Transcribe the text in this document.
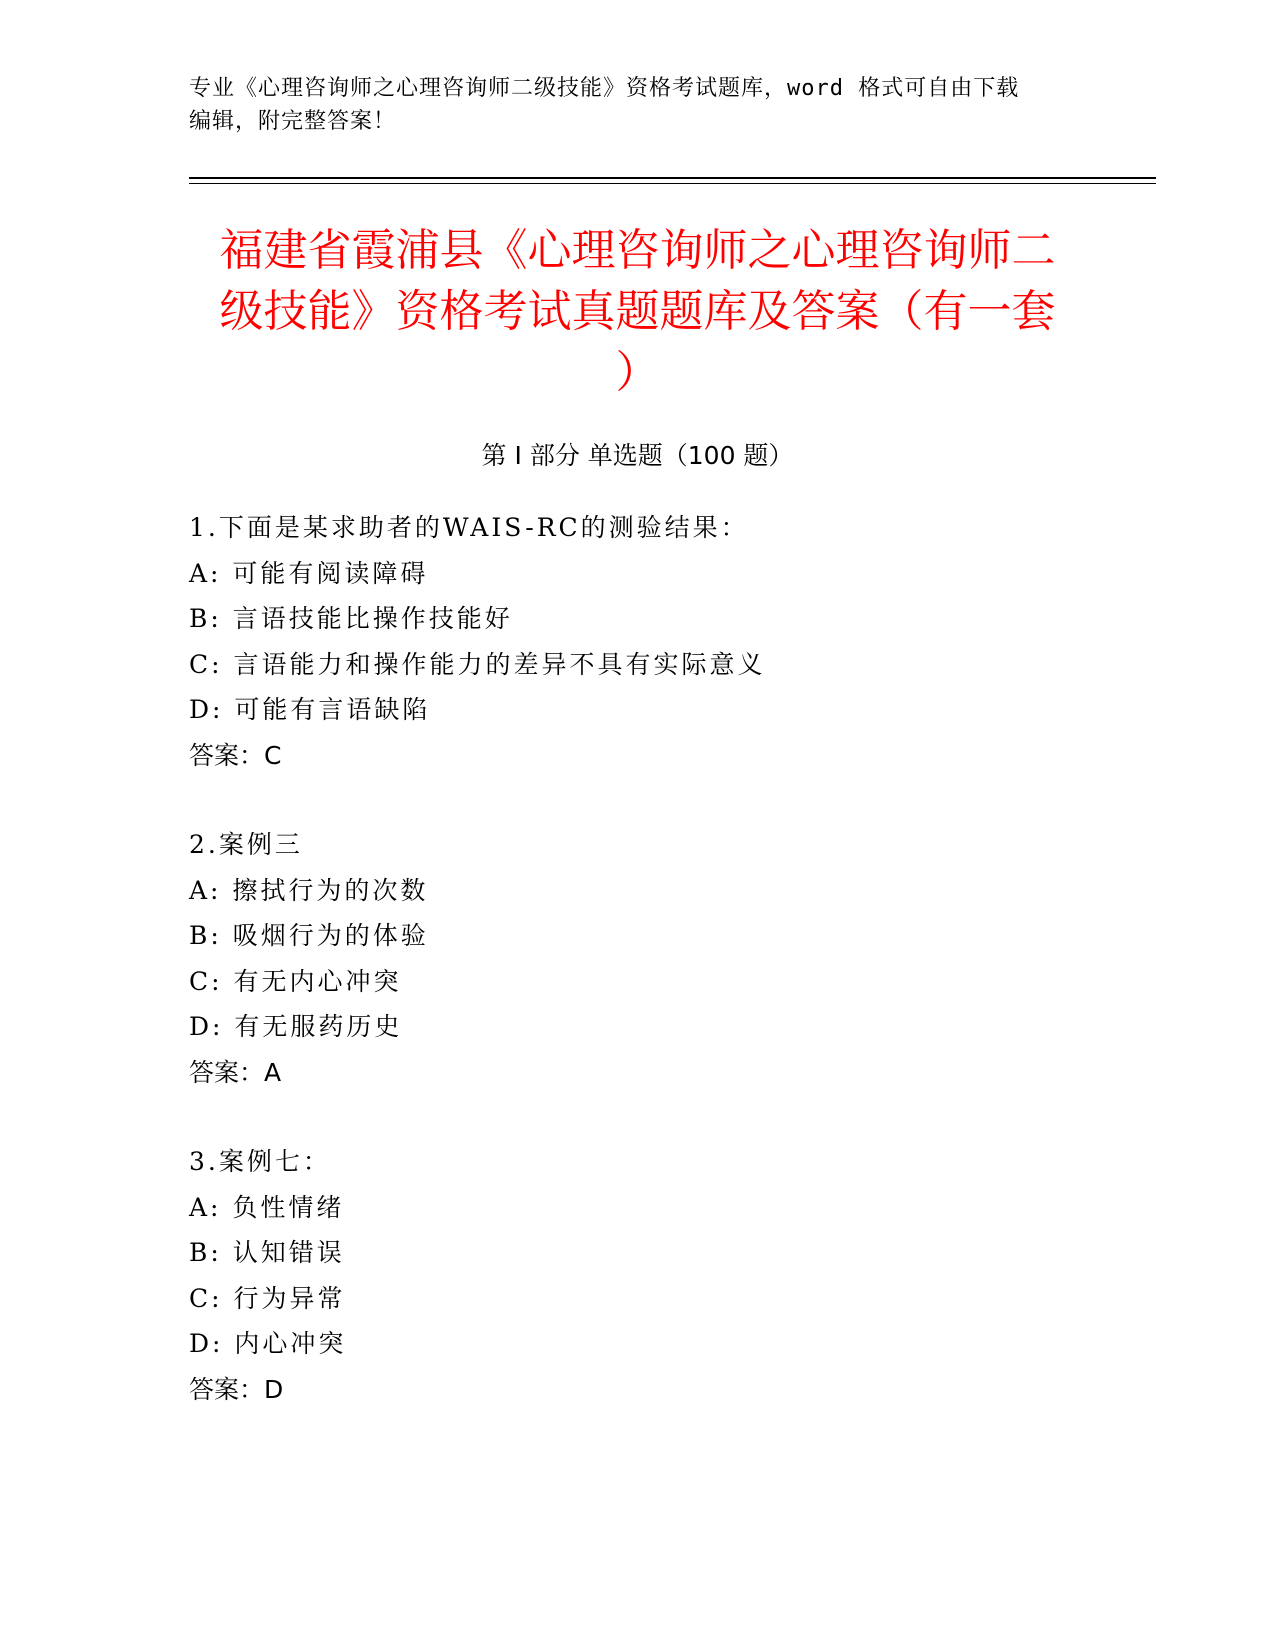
专业《心理咨询师之心理咨询师二级技能》资格考试题库，word 格式可自由下载
编辑，附完整答案！
福建省霞浦县《心理咨询师之心理咨询师二
级技能》资格考试真题题库及答案（有一套
）
第 I 部分 单选题（100 题）
1.下面是某求助者的WAIS-RC的测验结果：
A: 可能有阅读障碍
B: 言语技能比操作技能好
C: 言语能力和操作能力的差异不具有实际意义
D: 可能有言语缺陷
答案：C
2.案例三
A: 擦拭行为的次数
B: 吸烟行为的体验
C: 有无内心冲突
D: 有无服药历史
答案：A
3.案例七：
A: 负性情绪
B: 认知错误
C: 行为异常
D: 内心冲突
答案：D
